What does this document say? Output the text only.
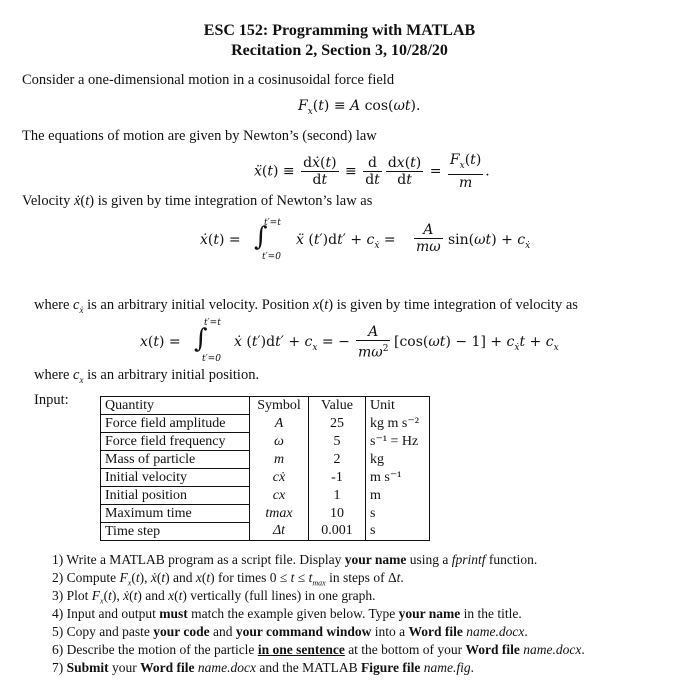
ESC 152: Programming with MATLAB
Recitation 2, Section 3, 10/28/20
Consider a one-dimensional motion in a cosinusoidal force field
$F_x(t) \equiv A$ cos(ωt).
The equations of motion are given by Newton’s (second) law
ẍ(t) ≡ $\frac{\text{dẋ(t)}}{dt} \equiv \frac{d}{dt} \frac{dx(t)}{dt} = \frac{F_x(t)}{m}$ .
Velocity ẋ(t) is given by time integration of Newton’s law as
ẋ(t) = ∫
t′=t
t′=0
ẍ $(t')dt' + c_ẋ = \frac{A}{m\omega} \sin(\omega t) + c_ẋ$
where $c_ẋ$ is an arbitrary initial velocity. Position x(t) is given by time integration of velocity as
x(t) = ∫
t′=t
t′=0
ẋ $(t')dt' + c_x$ = − $\frac{A}{m\omega^2} [\cos(\omega t) - 1] + c_ẋt + c_x$
where $c_x$ is an arbitrary initial position.
Input:	Quantity	Symbol	Value	Unit
Force field amplitude	A	25	kg m s⁻²
Force field frequency	ω	5	s⁻¹ = Hz
Mass of particle	m	2	kg
Initial velocity	cẋ	-1	m s⁻¹
Initial position	cx	1	m
Maximum time	tmax	10	s
Time step	Δt	0.001	s
1) Write a MATLAB program as a script file. Display your name using a fprintf function.
2) Compute $F_x(t)$, ẋ(t) and x(t) for times $0 \le t \le t_{max}$ in steps of Δt.
3) Plot $F_x(t)$, ẋ(t) and x(t) vertically (full lines) in one graph.
4) Input and output must match the example given below. Type your name in the title.
5) Copy and paste your code and your command window into a Word file name.docx.
6) Describe the motion of the particle in one sentence at the bottom of your Word file name.docx.
7) Submit your Word file name.docx and the MATLAB Figure file name.fig.
